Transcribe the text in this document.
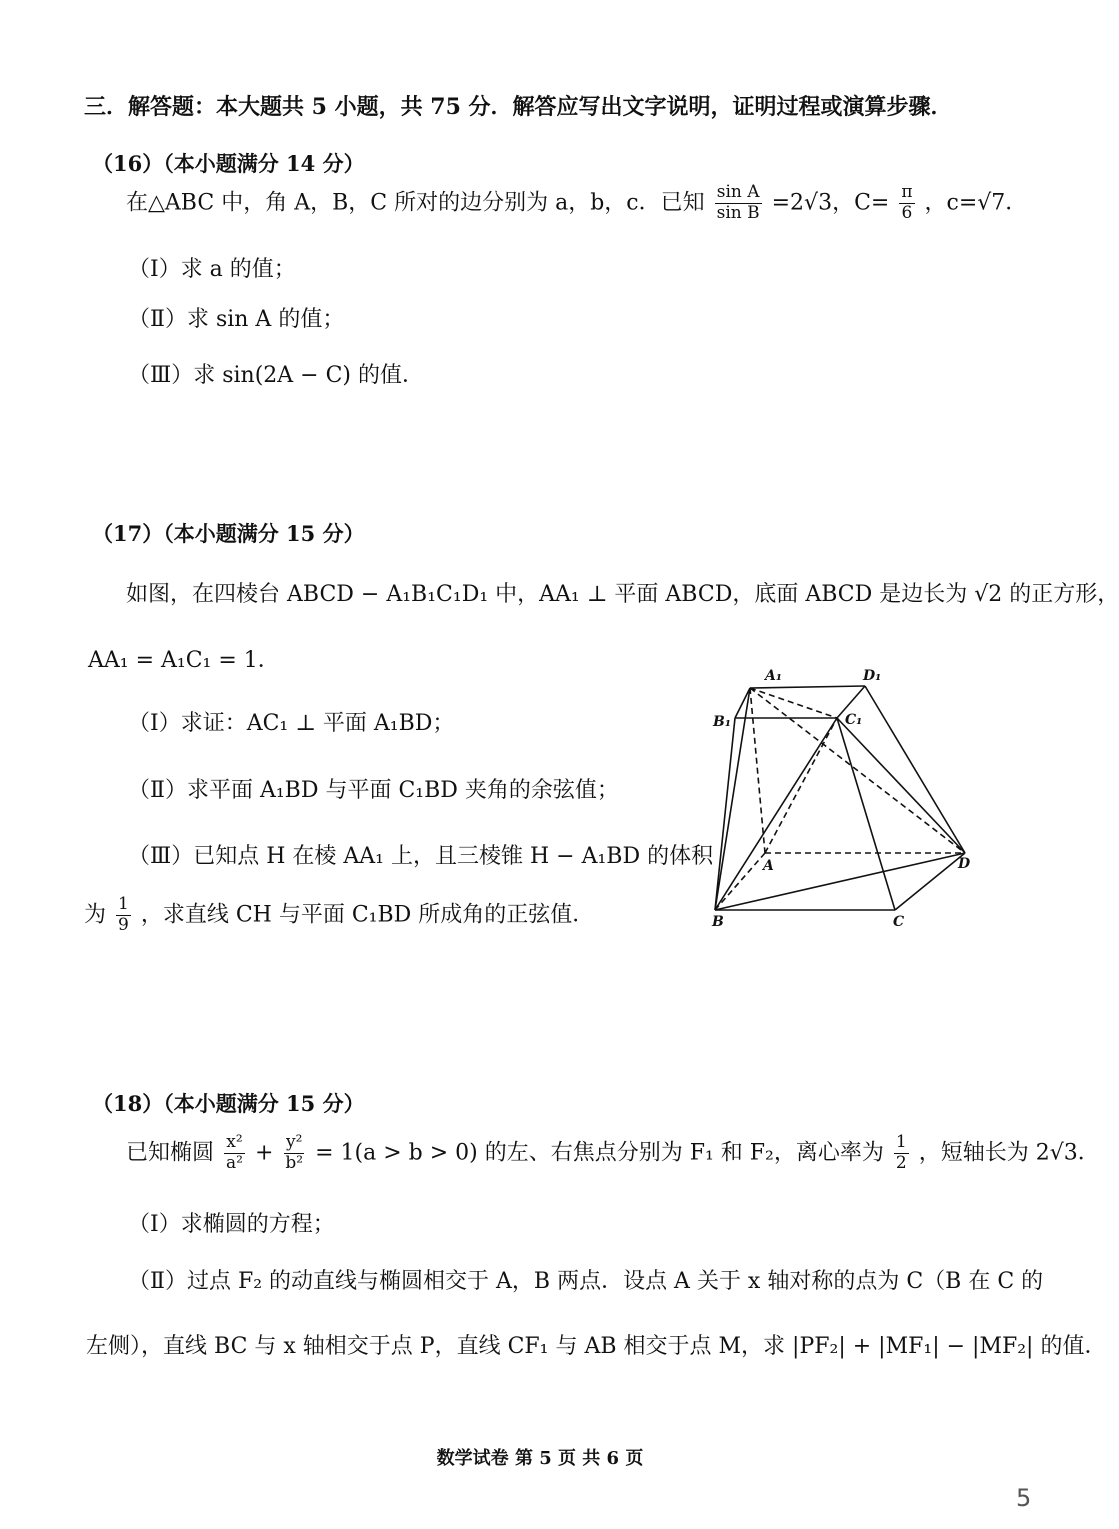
三．解答题：本大题共 5 小题，共 75 分．解答应写出文字说明，证明过程或演算步骤．
（16）（本小题满分 14 分）
在△ABC 中，角 A，B，C 所对的边分别为 a，b，c．已知 $\frac{\text{sin A}}{\text{sin B}} =2√3$，$C= \frac{\pi}{6}$ ，c=√7．
（Ⅰ）求 a 的值；
（Ⅱ）求 sin A 的值；
（Ⅲ）求 sin(2A − C) 的值．
（17）（本小题满分 15 分）
如图，在四棱台 ABCD − A₁B₁C₁D₁ 中，AA₁ ⊥ 平面 ABCD，底面 ABCD 是边长为 √2 的正方形，
AA₁ = A₁C₁ = 1．
（Ⅰ）求证：AC₁ ⊥ 平面 A₁BD；
（Ⅱ）求平面 A₁BD 与平面 C₁BD 夹角的余弦值；
（Ⅲ）已知点 H 在棱 AA₁ 上，且三棱锥 H − A₁BD 的体积
为 $\frac{1}{9}$ ，求直线 CH 与平面 C₁BD 所成角的正弦值．
A₁	D₁
B₁	C₁
A	D
B	C
（18）（本小题满分 15 分）
已知椭圆 $\frac{\text{x²}}{\text{a²}} + \frac{\text{y²}}{\text{b²}} = 1(a > b > 0)$ 的左、右焦点分别为 F₁ 和 F₂，离心率为 $\frac{1}{2}$ ，短轴长为 2√3．
（Ⅰ）求椭圆的方程；
（Ⅱ）过点 F₂ 的动直线与椭圆相交于 A，B 两点．设点 A 关于 x 轴对称的点为 C（B 在 C 的
左侧），直线 BC 与 x 轴相交于点 P，直线 CF₁ 与 AB 相交于点 M，求 |PF₂| + |MF₁| − |MF₂| 的值．
数学试卷 第 5 页 共 6 页
5
